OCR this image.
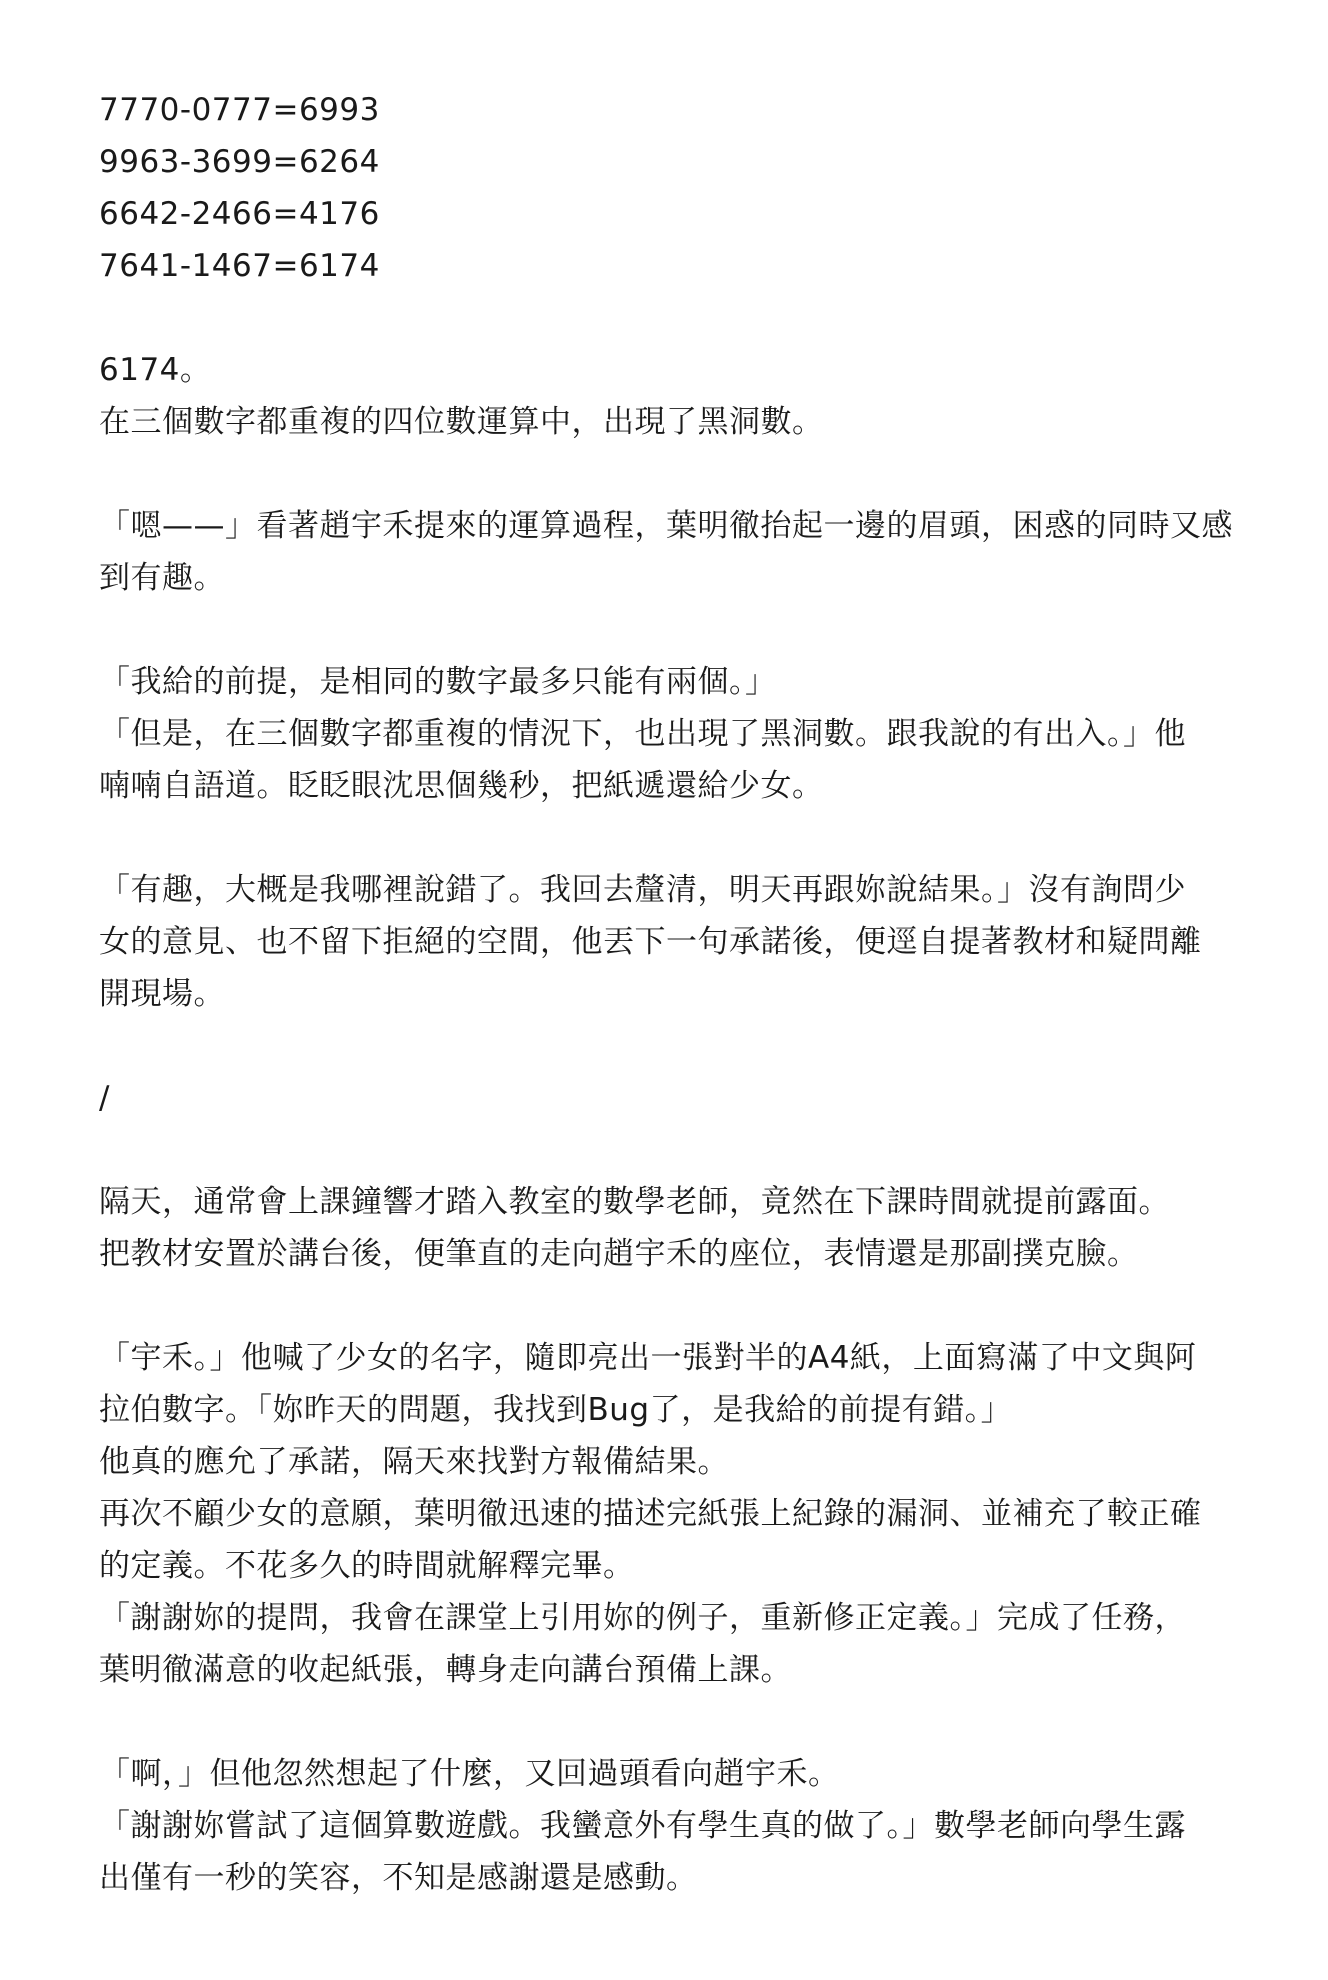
7770-0777=6993
9963-3699=6264
6642-2466=4176
7641-1467=6174
6174。
在三個數字都重複的四位數運算中，出現了黑洞數。
「嗯——」看著趙宇禾提來的運算過程，葉明徹抬起一邊的眉頭，困惑的同時又感
到有趣。
「我給的前提，是相同的數字最多只能有兩個。」
「但是，在三個數字都重複的情況下，也出現了黑洞數。跟我說的有出入。」他
喃喃自語道。眨眨眼沈思個幾秒，把紙遞還給少女。
「有趣，大概是我哪裡說錯了。我回去釐清，明天再跟妳說結果。」沒有詢問少
女的意見、也不留下拒絕的空間，他丟下一句承諾後，便逕自提著教材和疑問離
開現場。
/
隔天，通常會上課鐘響才踏入教室的數學老師，竟然在下課時間就提前露面。
把教材安置於講台後，便筆直的走向趙宇禾的座位，表情還是那副撲克臉。
「宇禾。」他喊了少女的名字，隨即亮出一張對半的A4紙，上面寫滿了中文與阿
拉伯數字。「妳昨天的問題，我找到Bug了，是我給的前提有錯。」
他真的應允了承諾，隔天來找對方報備結果。
再次不顧少女的意願，葉明徹迅速的描述完紙張上紀錄的漏洞、並補充了較正確
的定義。不花多久的時間就解釋完畢。
「謝謝妳的提問，我會在課堂上引用妳的例子，重新修正定義。」完成了任務，
葉明徹滿意的收起紙張，轉身走向講台預備上課。
「啊，」但他忽然想起了什麼，又回過頭看向趙宇禾。
「謝謝妳嘗試了這個算數遊戲。我蠻意外有學生真的做了。」數學老師向學生露
出僅有一秒的笑容，不知是感謝還是感動。
